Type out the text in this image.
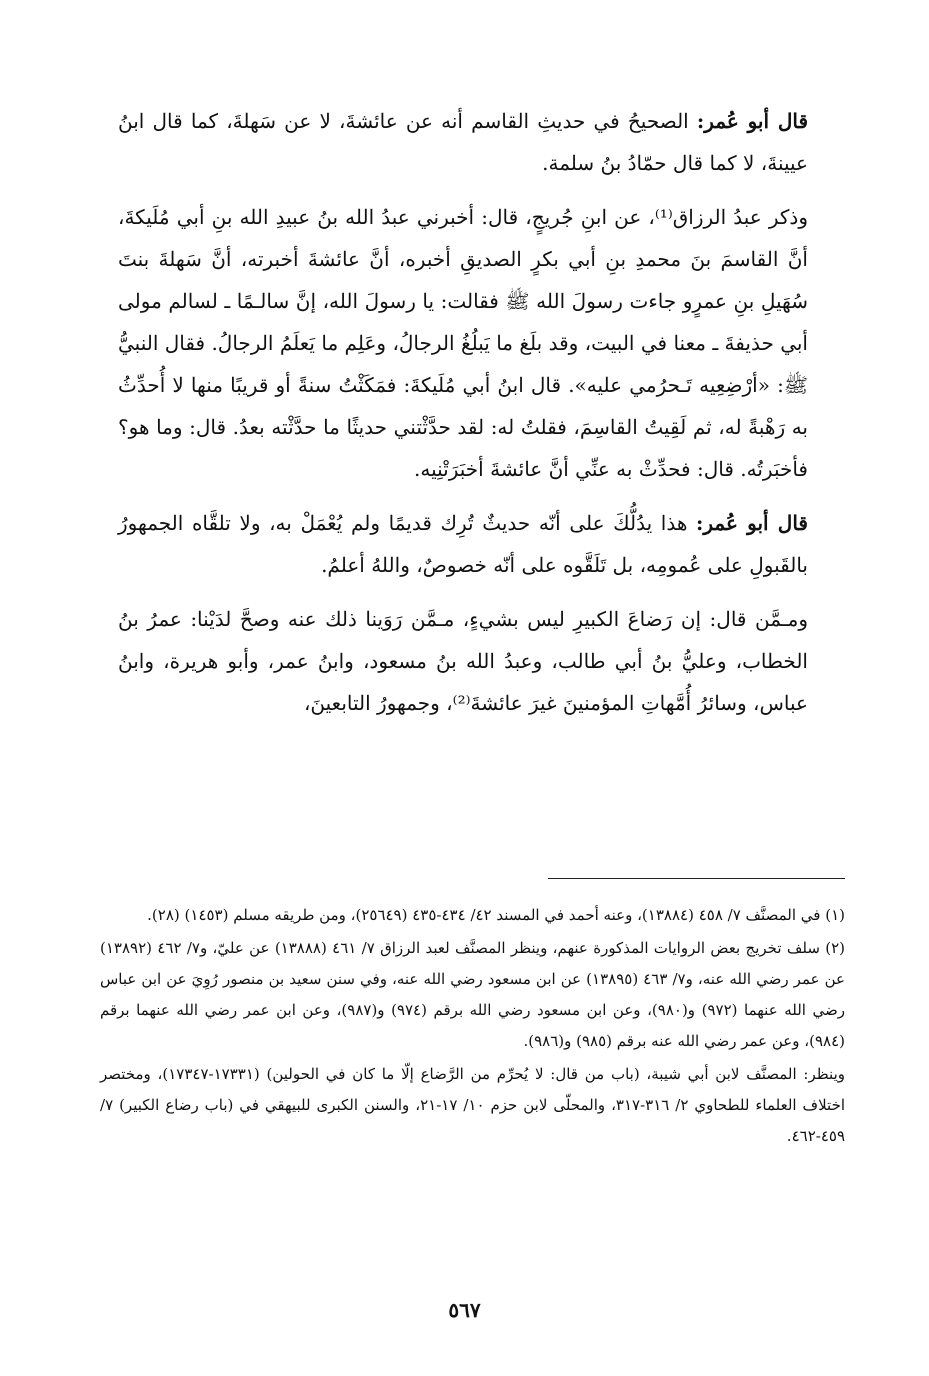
قال أبو عُمر: الصحيحُ في حديثِ القاسم أنه عن عائشةَ، لا عن سَهلةَ، كما قال ابنُ عيينةَ، لا كما قال حمّادُ بنُ سلمة.

وذكر عبدُ الرزاق⁽¹⁾، عن ابنِ جُريجٍ، قال: أخبرني عبدُ الله بنُ عبيدِ الله بنِ أبي مُلَيكةَ، أنَّ القاسمَ بنَ محمدِ بنِ أبي بكرٍ الصديقِ أخبره، أنَّ عائشةَ أخبرته، أنَّ سَهلةَ بنتَ سُهَيلِ بنِ عمرٍو جاءت رسولَ الله ﷺ فقالت: يا رسولَ الله، إنَّ سالـمًا ـ لسالم مولى أبي حذيفةَ ـ معنا في البيت، وقد بلَغ ما يَبلُغُ الرجالُ، وعَلِم ما يَعلَمُ الرجالُ. فقال النبيُّ ﷺ: «أرْضِعِيه تَـحرُمي عليه». قال ابنُ أبي مُلَيكةَ: فمَكَثْتُ سنةً أو قريبًا منها لا أُحدِّثُ به رَهْبةً له، ثم لَقِيتُ القاسِمَ، فقلتُ له: لقد حدَّثْتني حديثًا ما حدَّثْته بعدُ. قال: وما هو؟ فأخبَرتُه. قال: فحدِّثْ به عنِّي أنَّ عائشةَ أخبَرَتْنِيه.

قال أبو عُمر: هذا يدُلُّكَ على أنّه حديثٌ تُرِك قديمًا ولم يُعْمَلْ به، ولا تلقَّاه الجمهورُ بالقَبولِ على عُمومِه، بل تَلَقَّوه على أنّه خصوصٌ، واللهُ أعلمُ.

ومـمَّن قال: إن رَضاعَ الكبيرِ ليس بشيءٍ، مـمَّن رَوَينا ذلك عنه وصحَّ لدَيْنا: عمرُ بنُ الخطاب، وعليُّ بنُ أبي طالب، وعبدُ الله بنُ مسعود، وابنُ عمر، وأبو هريرة، وابنُ عباس، وسائرُ أُمَّهاتِ المؤمنينَ غيرَ عائشةَ⁽²⁾، وجمهورُ التابعينَ،

(١) في المصنَّف ٧/ ٤٥٨ (١٣٨٨٤)، وعنه أحمد في المسند ٤٢/ ٤٣٤-٤٣٥ (٢٥٦٤٩)، ومن طريقه مسلم (١٤٥٣) (٢٨).

(٢) سلف تخريج بعض الروايات المذكورة عنهم، وينظر المصنَّف لعبد الرزاق ٧/ ٤٦١ (١٣٨٨٨) عن عليّ، و٧/ ٤٦٢ (١٣٨٩٢) عن عمر رضي الله عنه، و٧/ ٤٦٣ (١٣٨٩٥) عن ابن مسعود رضي الله عنه، وفي سنن سعيد بن منصور رُوِيَ عن ابن عباس رضي الله عنهما (٩٧٢) و(٩٨٠)، وعن ابن مسعود رضي الله برقم (٩٧٤) و(٩٨٧)، وعن ابن عمر رضي الله عنهما برقم (٩٨٤)، وعن عمر رضي الله عنه برقم (٩٨٥) و(٩٨٦).

وينظر: المصنَّف لابن أبي شيبة، (باب من قال: لا يُحرِّم من الرَّضاع إلّا ما كان في الحولين) (١٧٣٣١-١٧٣٤٧)، ومختصر اختلاف العلماء للطحاوي ٢/ ٣١٦-٣١٧، والمحلّى لابن حزم ١٠/ ١٧-٢١، والسنن الكبرى للبيهقي في (باب رضاع الكبير) ٧/ ٤٥٩-٤٦٢.

٥٦٧
